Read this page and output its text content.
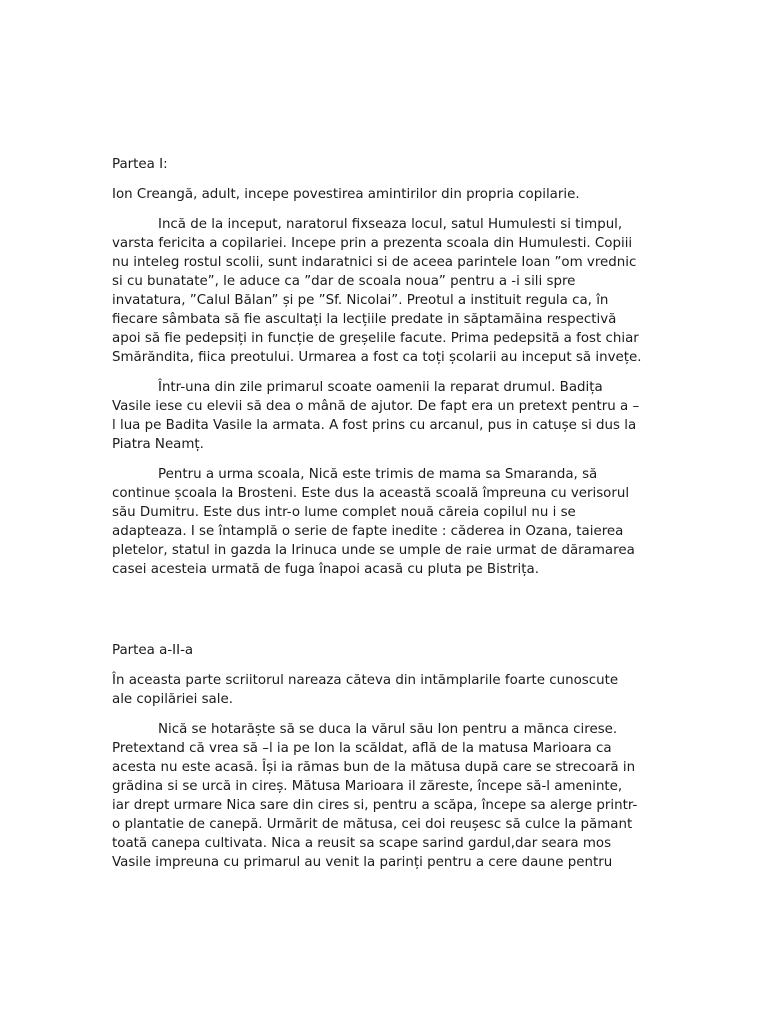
Partea I:

Ion Creangă, adult, incepe povestirea amintirilor din propria copilarie.

Incă de la inceput, naratorul fixseaza locul, satul Humulesti si timpul, varsta fericita a copilariei. Incepe prin a prezenta scoala din Humulesti. Copiii nu inteleg rostul scolii, sunt indaratnici si de aceea parintele Ioan ”om vrednic si cu bunatate”, le aduce ca ”dar de scoala noua” pentru a -i sili spre invatatura, ”Calul Bălan” și pe ”Sf. Nicolai”. Preotul a instituit regula ca, în fiecare sâmbata să fie ascultați la lecțiile predate in săptamăina respectivă apoi să fie pedepsiți in funcție de greșelile facute. Prima pedepsită a fost chiar Smărăndita, fiica preotului. Urmarea a fost ca toți școlarii au inceput să invețe.

Într-una din zile primarul scoate oamenii la reparat drumul. Badița Vasile iese cu elevii să dea o mână de ajutor. De fapt era un pretext pentru a –l lua pe Badita Vasile la armata. A fost prins cu arcanul, pus in catușe si dus la Piatra Neamț.

Pentru a urma scoala, Nică este trimis de mama sa Smaranda, să continue școala la Brosteni. Este dus la această scoală împreuna cu verisorul său Dumitru. Este dus intr-o lume complet nouă căreia copilul nu i se adapteaza. I se întamplă o serie de fapte inedite : căderea in Ozana, taierea pletelor, statul in gazda la Irinuca unde se umple de raie urmat de dăramarea casei acesteia urmată de fuga înapoi acasă cu pluta pe Bistrița.

Partea a-II-a

În aceasta parte scriitorul nareaza căteva din intămplarile foarte cunoscute ale copilăriei sale.

Nică se hotarăște să se duca la vărul său Ion pentru a mănca cirese. Pretextand că vrea să –l ia pe Ion la scăldat, află de la matusa Marioara ca acesta nu este acasă. Își ia rămas bun de la mătusa după care se strecoară in grădina si se urcă in cireș. Mătusa Marioara il zăreste, începe să-l ameninte, iar drept urmare Nica sare din cires si, pentru a scăpa, începe sa alerge printr-o plantatie de canepă. Urmărit de mătusa, cei doi reușesc să culce la pămant toată canepa cultivata. Nica a reusit sa scape sarind gardul,dar seara mos Vasile impreuna cu primarul au venit la parinți pentru a cere daune pentru
